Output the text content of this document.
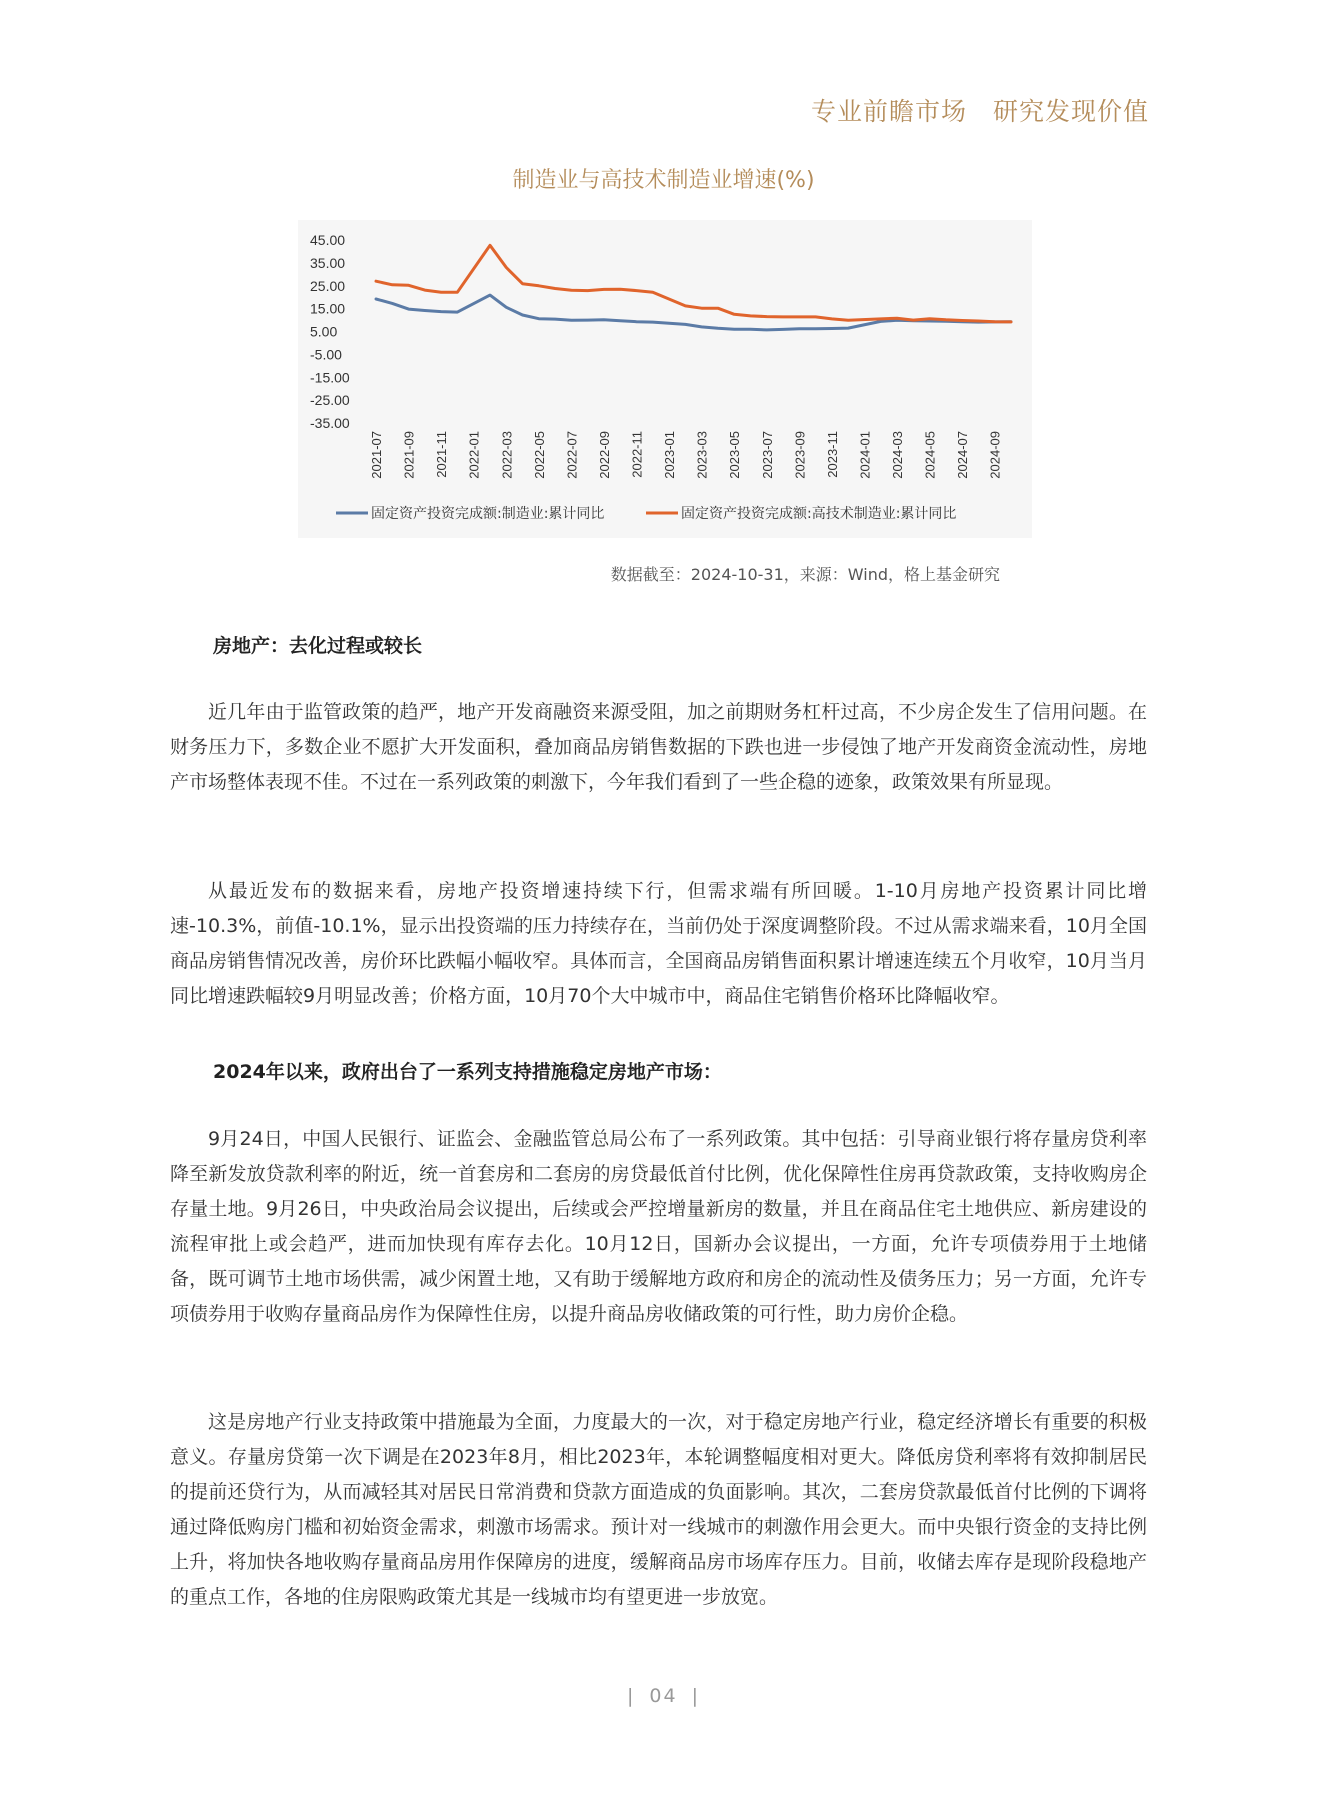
专业前瞻市场　研究发现价值
制造业与高技术制造业增速(%)
45.00
35.00
25.00
15.00
5.00
-5.00
-15.00
-25.00
-35.00
2021-07 2021-09 2021-11 2022-01 2022-03 2022-05 2022-07 2022-09 2022-11 2023-01 2023-03 2023-05 2023-07 2023-09 2023-11 2024-01 2024-03 2024-05 2024-07 2024-09
固定资产投资完成额:制造业:累计同比	固定资产投资完成额:高技术制造业:累计同比
数据截至：2024-10-31，来源：Wind，格上基金研究
房地产：去化过程或较长

近几年由于监管政策的趋严，地产开发商融资来源受阻，加之前期财务杠杆过高，不少房企发生了信用问题。在财务压力下，多数企业不愿扩大开发面积，叠加商品房销售数据的下跌也进一步侵蚀了地产开发商资金流动性，房地产市场整体表现不佳。不过在一系列政策的刺激下，今年我们看到了一些企稳的迹象，政策效果有所显现。

从最近发布的数据来看，房地产投资增速持续下行，但需求端有所回暖。1-10月房地产投资累计同比增速-10.3%，前值-10.1%，显示出投资端的压力持续存在，当前仍处于深度调整阶段。不过从需求端来看，10月全国商品房销售情况改善，房价环比跌幅小幅收窄。具体而言，全国商品房销售面积累计增速连续五个月收窄，10月当月同比增速跌幅较9月明显改善；价格方面，10月70个大中城市中，商品住宅销售价格环比降幅收窄。

2024年以来，政府出台了一系列支持措施稳定房地产市场：

9月24日，中国人民银行、证监会、金融监管总局公布了一系列政策。其中包括：引导商业银行将存量房贷利率降至新发放贷款利率的附近，统一首套房和二套房的房贷最低首付比例，优化保障性住房再贷款政策，支持收购房企存量土地。9月26日，中央政治局会议提出，后续或会严控增量新房的数量，并且在商品住宅土地供应、新房建设的流程审批上或会趋严，进而加快现有库存去化。10月12日，国新办会议提出，一方面，允许专项债券用于土地储备，既可调节土地市场供需，减少闲置土地，又有助于缓解地方政府和房企的流动性及债务压力；另一方面，允许专项债券用于收购存量商品房作为保障性住房，以提升商品房收储政策的可行性，助力房价企稳。

这是房地产行业支持政策中措施最为全面，力度最大的一次，对于稳定房地产行业，稳定经济增长有重要的积极意义。存量房贷第一次下调是在2023年8月，相比2023年，本轮调整幅度相对更大。降低房贷利率将有效抑制居民的提前还贷行为，从而减轻其对居民日常消费和贷款方面造成的负面影响。其次，二套房贷款最低首付比例的下调将通过降低购房门槛和初始资金需求，刺激市场需求。预计对一线城市的刺激作用会更大。而中央银行资金的支持比例上升，将加快各地收购存量商品房用作保障房的进度，缓解商品房市场库存压力。目前，收储去库存是现阶段稳地产的重点工作，各地的住房限购政策尤其是一线城市均有望更进一步放宽。

| 04 |
